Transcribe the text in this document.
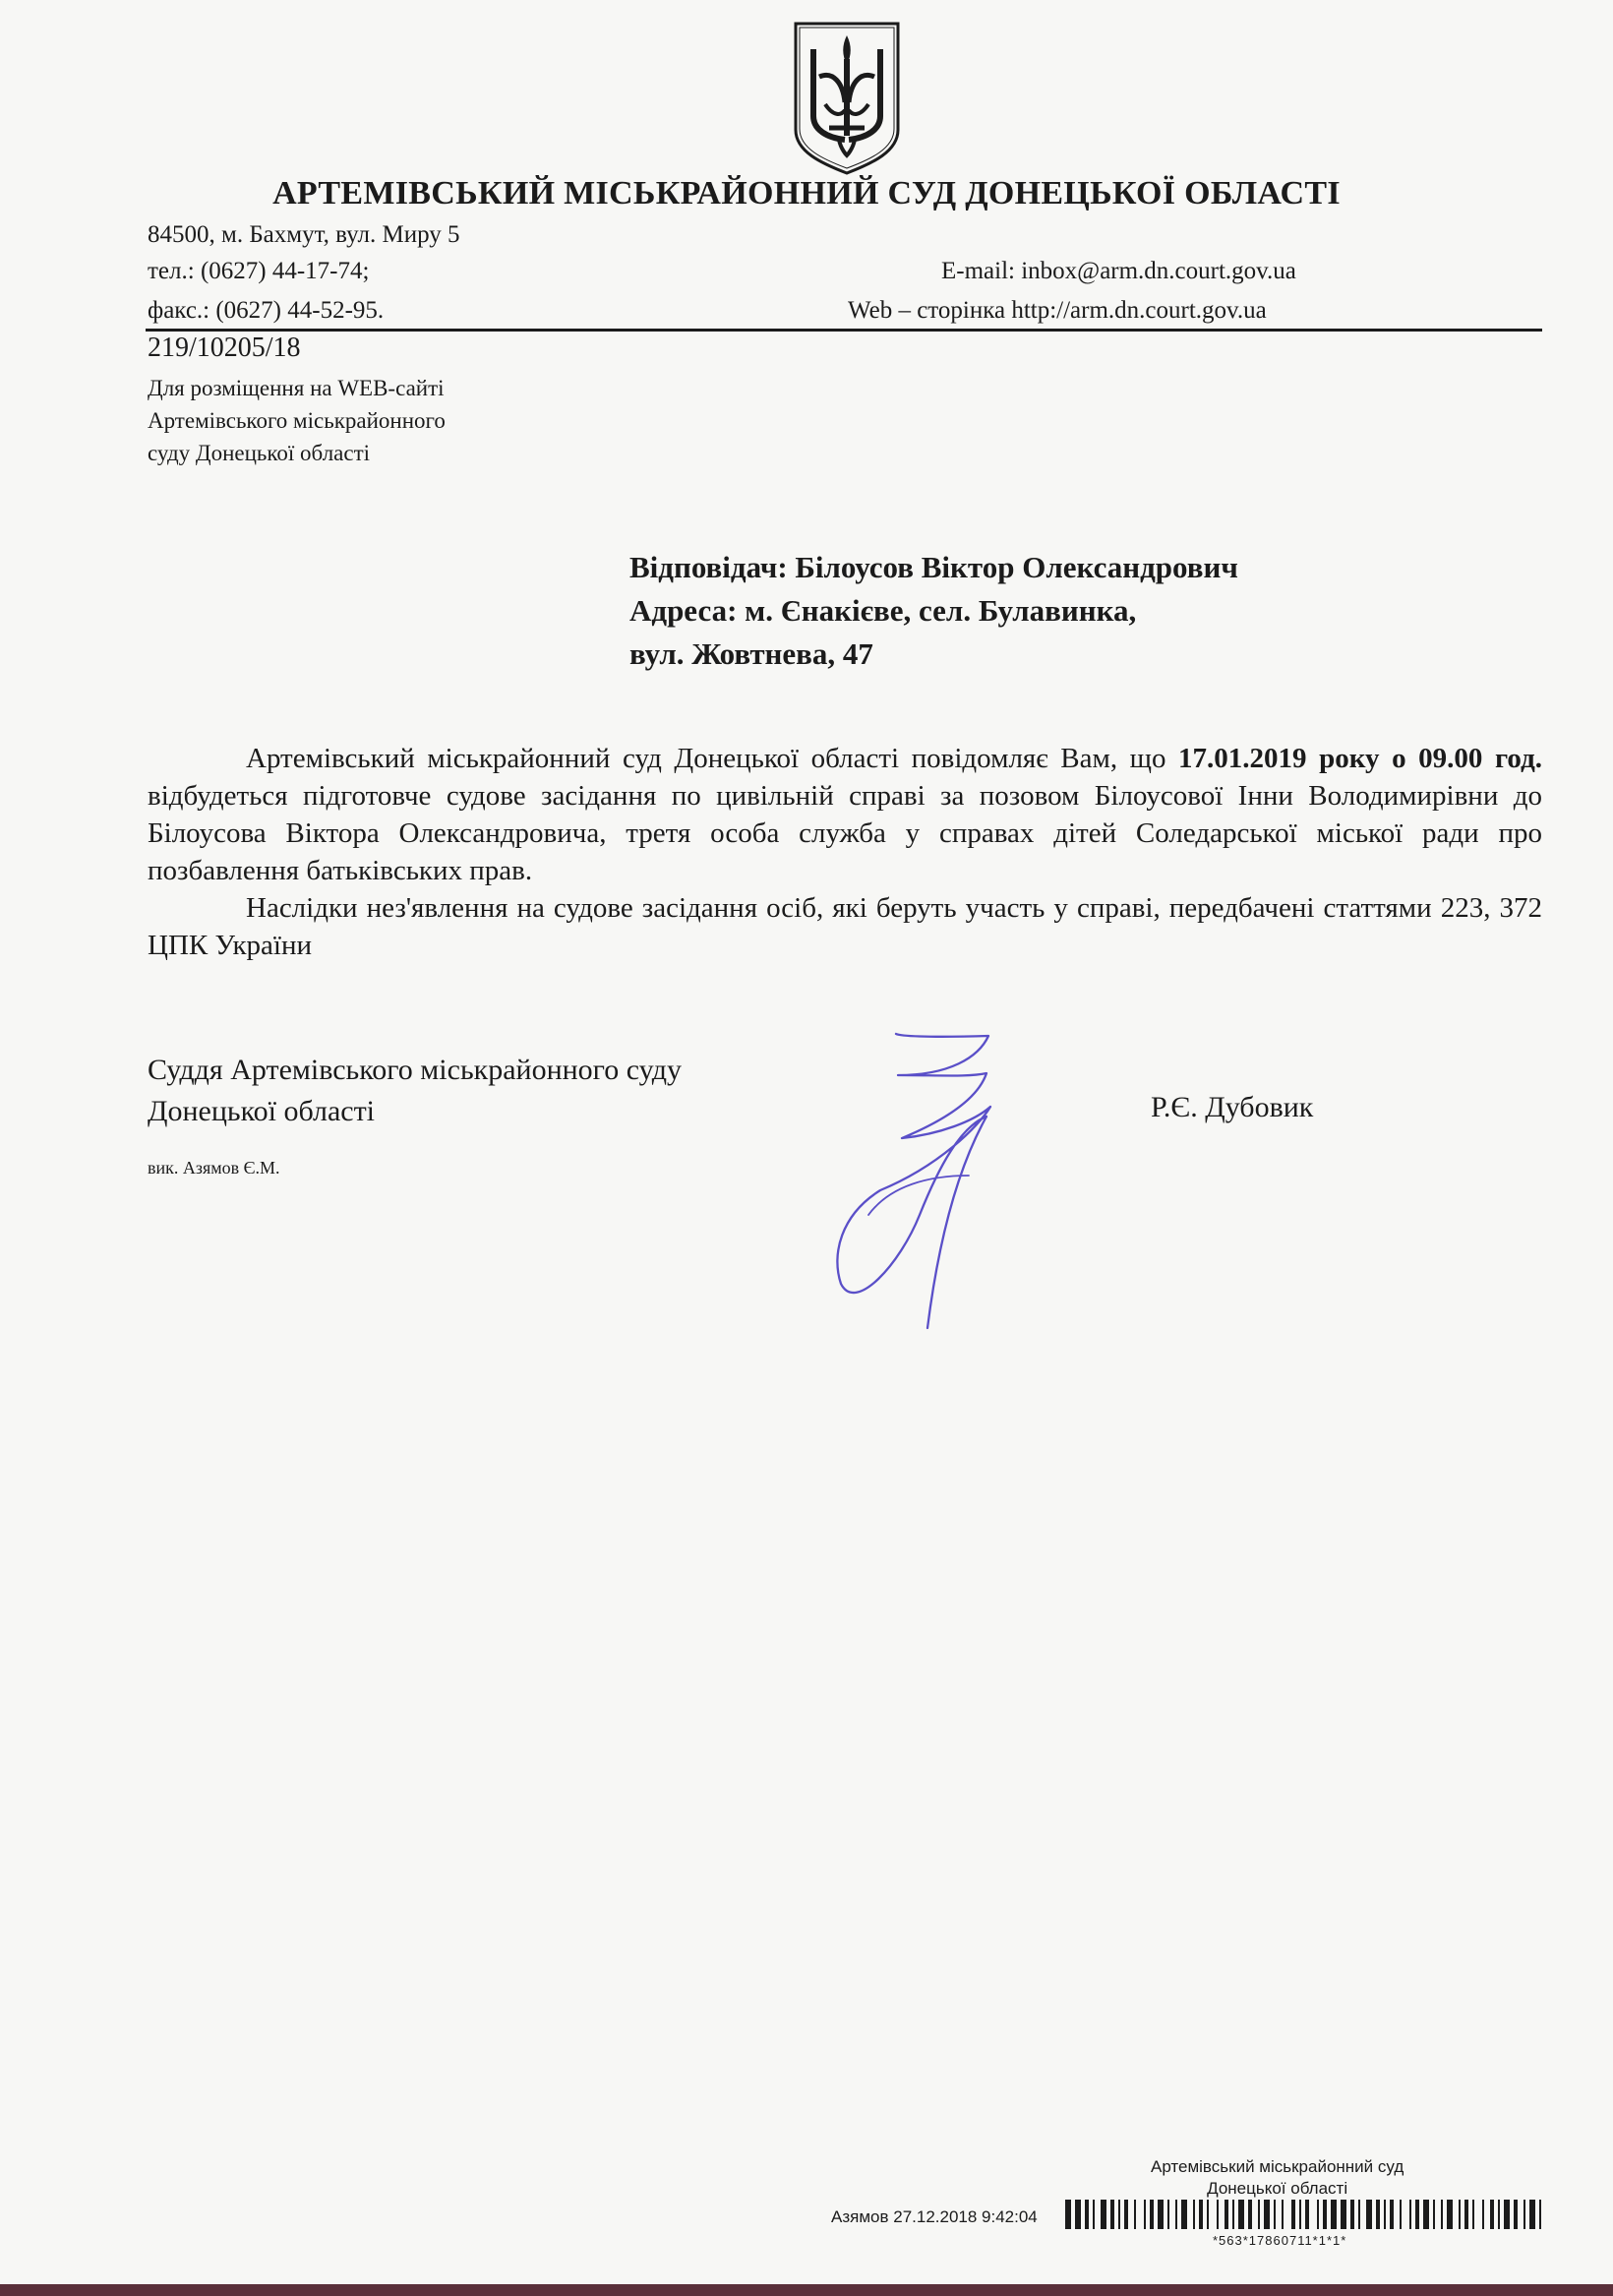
АРТЕМІВСЬКИЙ МІСЬКРАЙОННИЙ СУД ДОНЕЦЬКОЇ ОБЛАСТІ
84500, м. Бахмут, вул. Миру 5
тел.: (0627) 44-17-74;
факс.: (0627) 44-52-95.
E-mail: inbox@arm.dn.court.gov.ua
Web – сторінка http://arm.dn.court.gov.ua
219/10205/18
Для розміщення на WEB-сайті
Артемівського міськрайонного
суду Донецької області
Відповідач: Білоусов Віктор Олександрович
Адреса: м. Єнакієве, сел. Булавинка,
вул. Жовтнева, 47

Артемівський міськрайонний суд Донецької області повідомляє Вам, що 17.01.2019 року о 09.00 год. відбудеться підготовче судове засідання по цивільній справі за позовом Білоусової Інни Володимирівни до Білоусова Віктора Олександровича, третя особа служба у справах дітей Соледарської міської ради про позбавлення батьківських прав.

Наслідки нез'явлення на судове засідання осіб, які беруть участь у справі, передбачені статтями 223, 372 ЦПК України

Суддя Артемівського міськрайонного суду
Донецької області	Р.Є. Дубовик
вик. Азямов Є.М.
Артемівський міськрайонний суд
Донецької області
Азямов 27.12.2018 9:42:04
*563*17860711*1*1*
